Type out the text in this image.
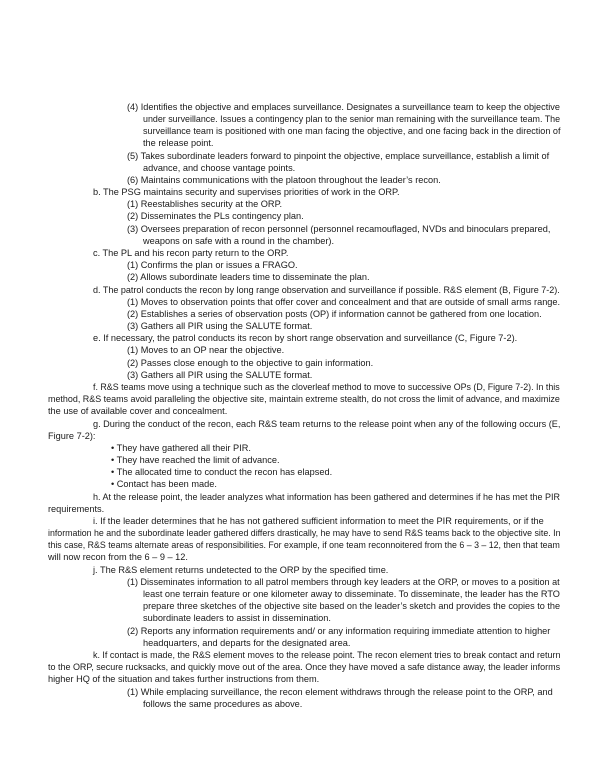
(4) Identifies the objective and emplaces surveillance. Designates a surveillance team to keep the objective
under surveillance. Issues a contingency plan to the senior man remaining with the surveillance team. The
surveillance team is positioned with one man facing the objective, and one facing back in the direction of
the release point.
(5) Takes subordinate leaders forward to pinpoint the objective, emplace surveillance, establish a limit of
advance, and choose vantage points.
(6) Maintains communications with the platoon throughout the leader’s recon.
b. The PSG maintains security and supervises priorities of work in the ORP.
(1) Reestablishes security at the ORP.
(2) Disseminates the PLs contingency plan.
(3) Oversees preparation of recon personnel (personnel recamouflaged, NVDs and binoculars prepared,
weapons on safe with a round in the chamber).
c. The PL and his recon party return to the ORP.
(1) Confirms the plan or issues a FRAGO.
(2) Allows subordinate leaders time to disseminate the plan.
d. The patrol conducts the recon by long range observation and surveillance if possible. R&S element (B, Figure 7-2).
(1) Moves to observation points that offer cover and concealment and that are outside of small arms range.
(2) Establishes a series of observation posts (OP) if information cannot be gathered from one location.
(3) Gathers all PIR using the SALUTE format.
e. If necessary, the patrol conducts its recon by short range observation and surveillance (C, Figure 7-2).
(1) Moves to an OP near the objective.
(2) Passes close enough to the objective to gain information.
(3) Gathers all PIR using the SALUTE format.
f. R&S teams move using a technique such as the cloverleaf method to move to successive OPs (D, Figure 7-2). In this
method, R&S teams avoid paralleling the objective site, maintain extreme stealth, do not cross the limit of advance, and maximize
the use of available cover and concealment.
g. During the conduct of the recon, each R&S team returns to the release point when any of the following occurs (E,
Figure 7-2):
• They have gathered all their PIR.
• They have reached the limit of advance.
• The allocated time to conduct the recon has elapsed.
• Contact has been made.
h. At the release point, the leader analyzes what information has been gathered and determines if he has met the PIR
requirements.
i. If the leader determines that he has not gathered sufficient information to meet the PIR requirements, or if the
information he and the subordinate leader gathered differs drastically, he may have to send R&S teams back to the objective site. In
this case, R&S teams alternate areas of responsibilities. For example, if one team reconnoitered from the 6 – 3 – 12, then that team
will now recon from the 6 – 9 – 12.
j. The R&S element returns undetected to the ORP by the specified time.
(1) Disseminates information to all patrol members through key leaders at the ORP, or moves to a position at
least one terrain feature or one kilometer away to disseminate. To disseminate, the leader has the RTO
prepare three sketches of the objective site based on the leader’s sketch and provides the copies to the
subordinate leaders to assist in dissemination.
(2) Reports any information requirements and/ or any information requiring immediate attention to higher
headquarters, and departs for the designated area.
k. If contact is made, the R&S element moves to the release point. The recon element tries to break contact and return
to the ORP, secure rucksacks, and quickly move out of the area. Once they have moved a safe distance away, the leader informs
higher HQ of the situation and takes further instructions from them.
(1) While emplacing surveillance, the recon element withdraws through the release point to the ORP, and
follows the same procedures as above.
